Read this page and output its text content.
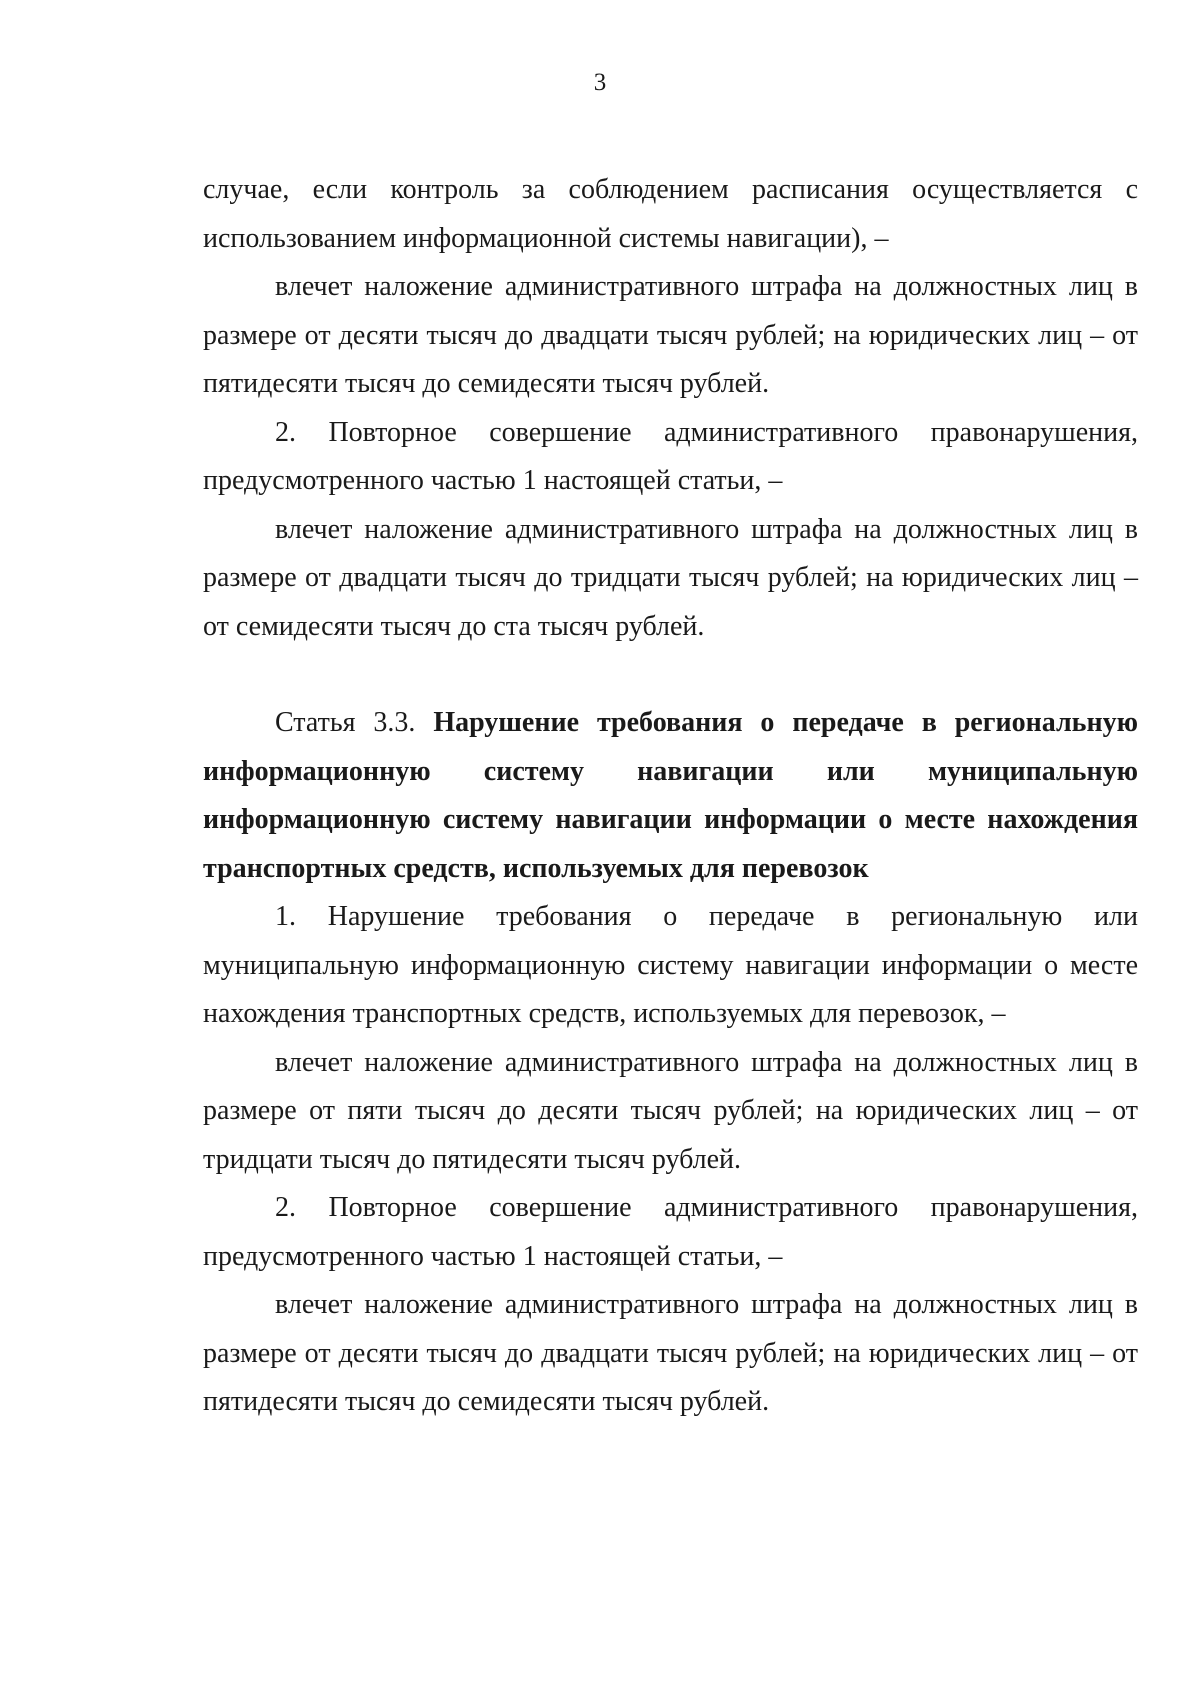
3

случае, если контроль за соблюдением расписания осуществляется с использованием информационной системы навигации), –

влечет наложение административного штрафа на должностных лиц в размере от десяти тысяч до двадцати тысяч рублей; на юридических лиц – от пятидесяти тысяч до семидесяти тысяч рублей.

2. Повторное совершение административного правонарушения, предусмотренного частью 1 настоящей статьи, –

влечет наложение административного штрафа на должностных лиц в размере от двадцати тысяч до тридцати тысяч рублей; на юридических лиц – от семидесяти тысяч до ста тысяч рублей.

Статья 3.3. Нарушение требования о передаче в региональную информационную систему навигации или муниципальную информационную систему навигации информации о месте нахождения транспортных средств, используемых для перевозок

1. Нарушение требования о передаче в региональную или муниципальную информационную систему навигации информации о месте нахождения транспортных средств, используемых для перевозок, –

влечет наложение административного штрафа на должностных лиц в размере от пяти тысяч до десяти тысяч рублей; на юридических лиц – от тридцати тысяч до пятидесяти тысяч рублей.

2. Повторное совершение административного правонарушения, предусмотренного частью 1 настоящей статьи, –

влечет наложение административного штрафа на должностных лиц в размере от десяти тысяч до двадцати тысяч рублей; на юридических лиц – от пятидесяти тысяч до семидесяти тысяч рублей.
